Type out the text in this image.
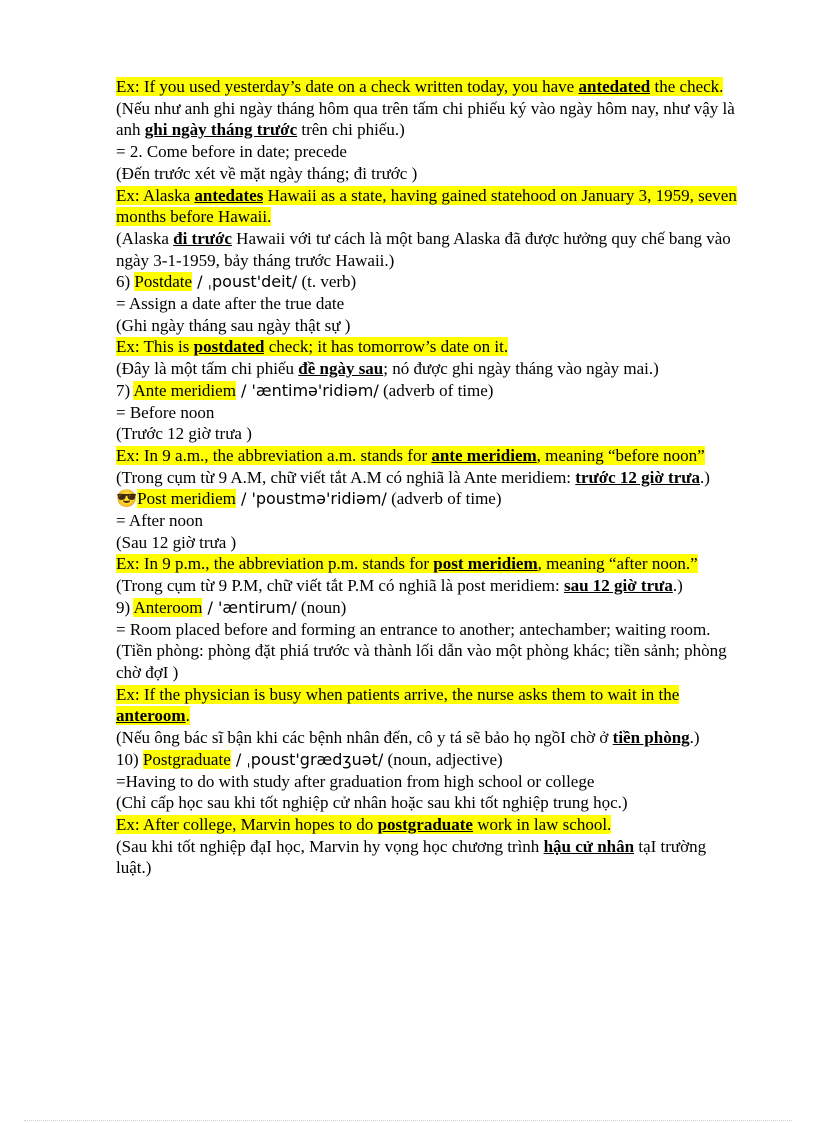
Ex: If you used yesterday’s date on a check written today, you have antedated the check.
(Nếu như anh ghi ngày tháng hôm qua trên tấm chi phiếu ký vào ngày hôm nay, như vậy là anh ghi ngày tháng trước trên chi phiếu.)
= 2. Come before in date; precede
(Đến trước xét về mặt ngày tháng; đi trước )
Ex: Alaska antedates Hawaii as a state, having gained statehood on January 3, 1959, seven months before Hawaii.
(Alaska đi trước Hawaii với tư cách là một bang Alaska đã được hưởng quy chế bang vào ngày 3-1-1959, bảy tháng trước Hawaii.)
6) Postdate / ˌpoust'deit/ (t. verb)
= Assign a date after the true date
(Ghi ngày tháng sau ngày thật sự )
Ex: This is postdated check; it has tomorrow’s date on it.
(Đây là một tấm chi phiếu đề ngày sau; nó được ghi ngày tháng vào ngày mai.)
7) Ante meridiem / 'æntimə'ridiəm/ (adverb of time)
= Before noon
(Trước 12 giờ trưa )
Ex: In 9 a.m., the abbreviation a.m. stands for ante meridiem, meaning “before noon”
(Trong cụm từ 9 A.M, chữ viết tắt A.M có nghiã là Ante meridiem: trước 12 giờ trưa.)
😎Post meridiem / 'poustmə'ridiəm/ (adverb of time)
= After noon
(Sau 12 giờ trưa )
Ex: In 9 p.m., the abbreviation p.m. stands for post meridiem, meaning “after noon.”
(Trong cụm từ 9 P.M, chữ viết tắt P.M có nghiã là post meridiem: sau 12 giờ trưa.)
9) Anteroom / 'æntirum/ (noun)
= Room placed before and forming an entrance to another; antechamber; waiting room.
(Tiền phòng: phòng đặt phiá trước và thành lối dẫn vào một phòng khác; tiền sảnh; phòng chờ đợI )
Ex: If the physician is busy when patients arrive, the nurse asks them to wait in the anteroom.
(Nếu ông bác sĩ bận khi các bệnh nhân đến, cô y tá sẽ bảo họ ngồI chờ ở tiền phòng.)
10) Postgraduate / ˌpoust'grædʒuət/ (noun, adjective)
=Having to do with study after graduation from high school or college
(Chỉ cấp học sau khi tốt nghiệp cử nhân hoặc sau khi tốt nghiệp trung học.)
Ex: After college, Marvin hopes to do postgraduate work in law school.
(Sau khi tốt nghiệp đạI học, Marvin hy vọng học chương trình hậu cử nhân tạI trường luật.)
